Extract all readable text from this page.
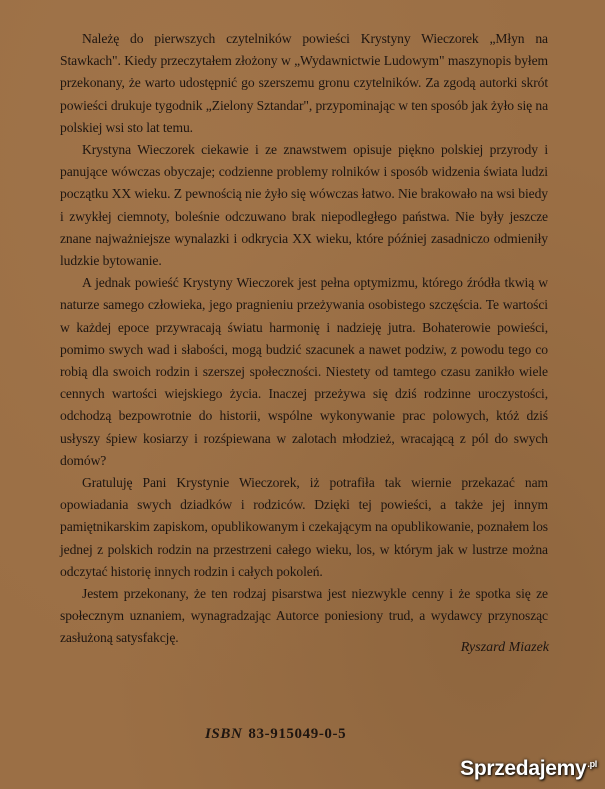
Należę do pierwszych czytelników powieści Krystyny Wieczorek „Młyn na Stawkach". Kiedy przeczytałem złożony w „Wydawnictwie Ludowym" maszynopis byłem przekonany, że warto udostępnić go szerszemu gronu czytelników. Za zgodą autorki skrót powieści drukuje tygodnik „Zielony Sztandar", przypominając w ten sposób jak żyło się na polskiej wsi sto lat temu.

Krystyna Wieczorek ciekawie i ze znawstwem opisuje piękno polskiej przyrody i panujące wówczas obyczaje; codzienne problemy rolników i sposób widzenia świata ludzi początku XX wieku. Z pewnością nie żyło się wówczas łatwo. Nie brakowało na wsi biedy i zwykłej ciemnoty, boleśnie odczuwano brak niepodległego państwa. Nie były jeszcze znane najważniejsze wynalazki i odkrycia XX wieku, które później zasadniczo odmieniły ludzkie bytowanie.

A jednak powieść Krystyny Wieczorek jest pełna optymizmu, którego źródła tkwią w naturze samego człowieka, jego pragnieniu przeżywania osobistego szczęścia. Te wartości w każdej epoce przywracają światu harmonię i nadzieję jutra. Bohaterowie powieści, pomimo swych wad i słabości, mogą budzić szacunek a nawet podziw, z powodu tego co robią dla swoich rodzin i szerszej społeczności. Niestety od tamtego czasu zanikło wiele cennych wartości wiejskiego życia. Inaczej przeżywa się dziś rodzinne uroczystości, odchodzą bezpowrotnie do historii, wspólne wykonywanie prac polowych, któż dziś usłyszy śpiew kosiarzy i rozśpiewana w zalotach młodzież, wracającą z pól do swych domów?

Gratuluję Pani Krystynie Wieczorek, iż potrafiła tak wiernie przekazać nam opowiadania swych dziadków i rodziców. Dzięki tej powieści, a także jej innym pamiętnikarskim zapiskom, opublikowanym i czekającym na opublikowanie, poznałem los jednej z polskich rodzin na przestrzeni całego wieku, los, w którym jak w lustrze można odczytać historię innych rodzin i całych pokoleń.

Jestem przekonany, że ten rodzaj pisarstwa jest niezwykle cenny i że spotka się ze społecznym uznaniem, wynagradzając Autorce poniesiony trud, a wydawcy przynosząc zasłużoną satysfakcję.

Ryszard Miazek

ISBN 83-915049-0-5

Sprzedajemy$^{.pl}$
